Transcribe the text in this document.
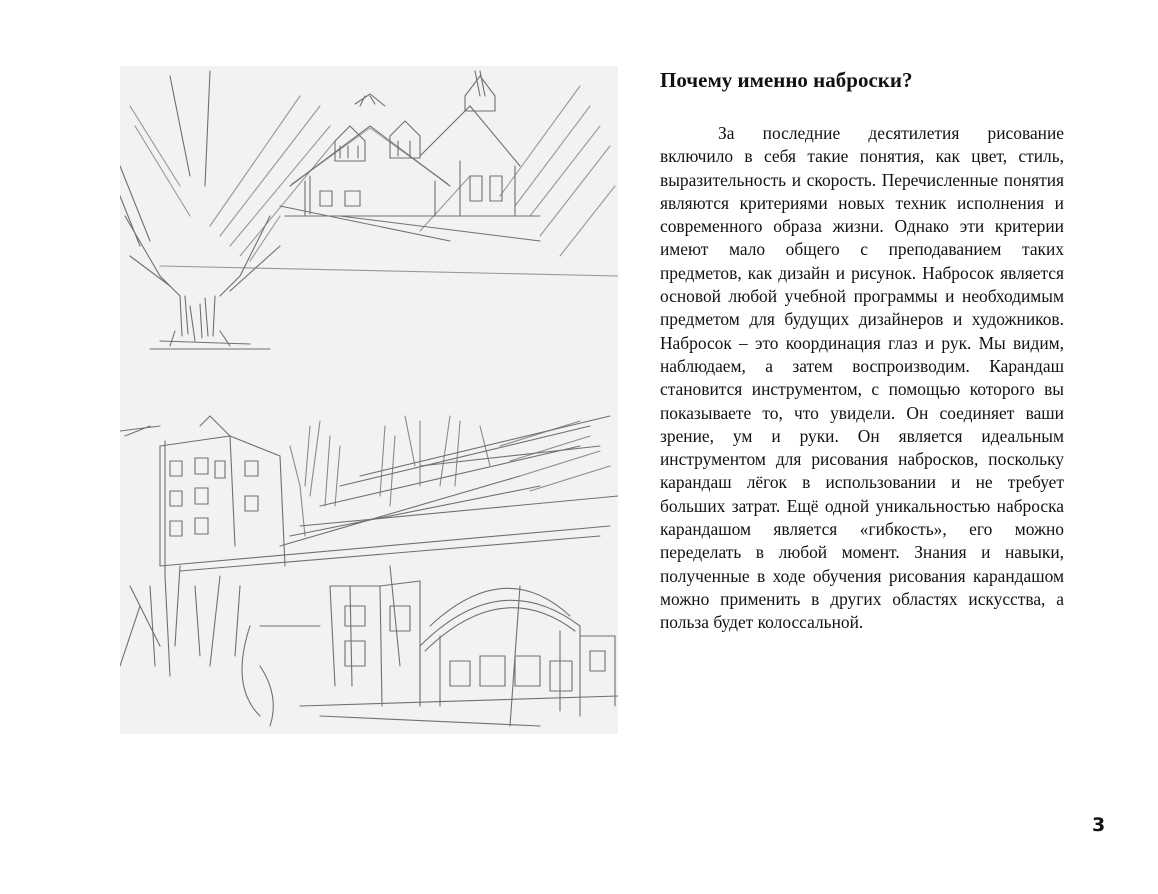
Почему именно наброски?

За последние десятилетия рисование включило в себя такие понятия, как цвет, стиль, выразительность и скорость. Перечисленные понятия являются критериями новых техник исполнения и современного образа жизни. Однако эти критерии имеют мало общего с преподаванием таких предметов, как дизайн и рисунок. Набросок является основой любой учебной программы и необходимым предметом для будущих дизайнеров и художников. Набросок – это координация глаз и рук. Мы видим, наблюдаем, а затем воспроизводим. Карандаш становится инструментом, с помощью которого вы показываете то, что увидели. Он соединяет ваши зрение, ум и руки. Он является идеальным инструментом для рисования набросков, поскольку карандаш лёгок в использовании и не требует больших затрат. Ещё одной уникальностью наброска карандашом является «гибкость», его можно переделать в любой момент. Знания и навыки, полученные в ходе обучения рисования карандашом можно применить в других областях искусства, а польза будет колоссальной.

3
